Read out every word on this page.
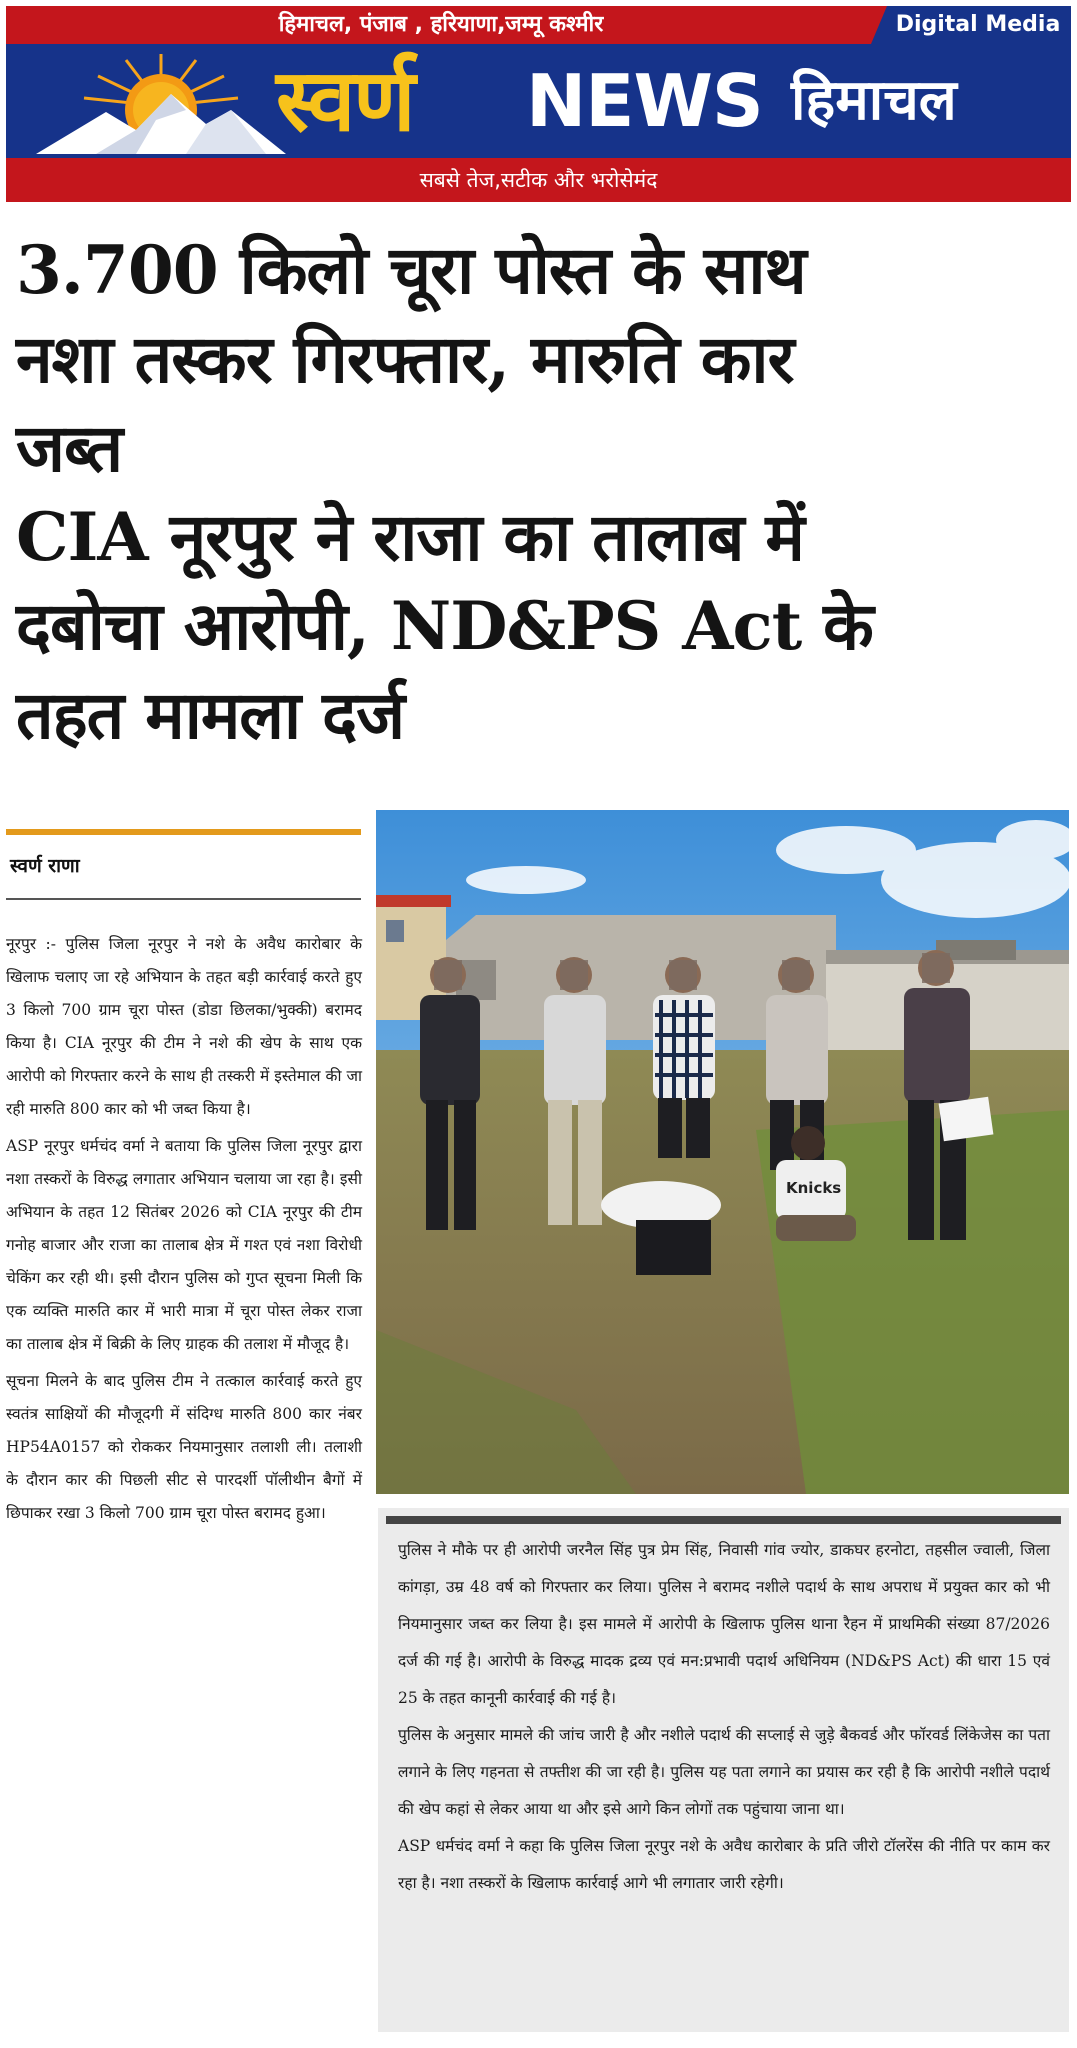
हिमाचल, पंजाब , हरियाणा,जम्मू कश्मीर	Digital Media
स्वर्ण NEWS हिमाचल
सबसे तेज,सटीक और भरोसेमंद
3.700 किलो चूरा पोस्त के साथ
नशा तस्कर गिरफ्तार, मारुति कार
जब्त
CIA नूरपुर ने राजा का तालाब में
दबोचा आरोपी, ND&PS Act के
तहत मामला दर्ज
स्वर्ण राणा

नूरपुर :- पुलिस जिला नूरपुर ने नशे के अवैध कारोबार के खिलाफ चलाए जा रहे अभियान के तहत बड़ी कार्रवाई करते हुए 3 किलो 700 ग्राम चूरा पोस्त (डोडा छिलका/भुक्की) बरामद किया है। CIA नूरपुर की टीम ने नशे की खेप के साथ एक आरोपी को गिरफ्तार करने के साथ ही तस्करी में इस्तेमाल की जा रही मारुति 800 कार को भी जब्त किया है।

ASP नूरपुर धर्मचंद वर्मा ने बताया कि पुलिस जिला नूरपुर द्वारा नशा तस्करों के विरुद्ध लगातार अभियान चलाया जा रहा है। इसी अभियान के तहत 12 सितंबर 2026 को CIA नूरपुर की टीम गनोह बाजार और राजा का तालाब क्षेत्र में गश्त एवं नशा विरोधी चेकिंग कर रही थी। इसी दौरान पुलिस को गुप्त सूचना मिली कि एक व्यक्ति मारुति कार में भारी मात्रा में चूरा पोस्त लेकर राजा का तालाब क्षेत्र में बिक्री के लिए ग्राहक की तलाश में मौजूद है।

सूचना मिलने के बाद पुलिस टीम ने तत्काल कार्रवाई करते हुए स्वतंत्र साक्षियों की मौजूदगी में संदिग्ध मारुति 800 कार नंबर HP54A0157 को रोककर नियमानुसार तलाशी ली। तलाशी के दौरान कार की पिछली सीट से पारदर्शी पॉलीथीन बैगों में छिपाकर रखा 3 किलो 700 ग्राम चूरा पोस्त बरामद हुआ।

Knicks

पुलिस ने मौके पर ही आरोपी जरनैल सिंह पुत्र प्रेम सिंह, निवासी गांव ज्योर, डाकघर हरनोटा, तहसील ज्वाली, जिला कांगड़ा, उम्र 48 वर्ष को गिरफ्तार कर लिया। पुलिस ने बरामद नशीले पदार्थ के साथ अपराध में प्रयुक्त कार को भी नियमानुसार जब्त कर लिया है। इस मामले में आरोपी के खिलाफ पुलिस थाना रैहन में प्राथमिकी संख्या 87/2026 दर्ज की गई है। आरोपी के विरुद्ध मादक द्रव्य एवं मन:प्रभावी पदार्थ अधिनियम (ND&PS Act) की धारा 15 एवं 25 के तहत कानूनी कार्रवाई की गई है।

पुलिस के अनुसार मामले की जांच जारी है और नशीले पदार्थ की सप्लाई से जुड़े बैकवर्ड और फॉरवर्ड लिंकेजेस का पता लगाने के लिए गहनता से तफ्तीश की जा रही है। पुलिस यह पता लगाने का प्रयास कर रही है कि आरोपी नशीले पदार्थ की खेप कहां से लेकर आया था और इसे आगे किन लोगों तक पहुंचाया जाना था।

ASP धर्मचंद वर्मा ने कहा कि पुलिस जिला नूरपुर नशे के अवैध कारोबार के प्रति जीरो टॉलरेंस की नीति पर काम कर रहा है। नशा तस्करों के खिलाफ कार्रवाई आगे भी लगातार जारी रहेगी।
